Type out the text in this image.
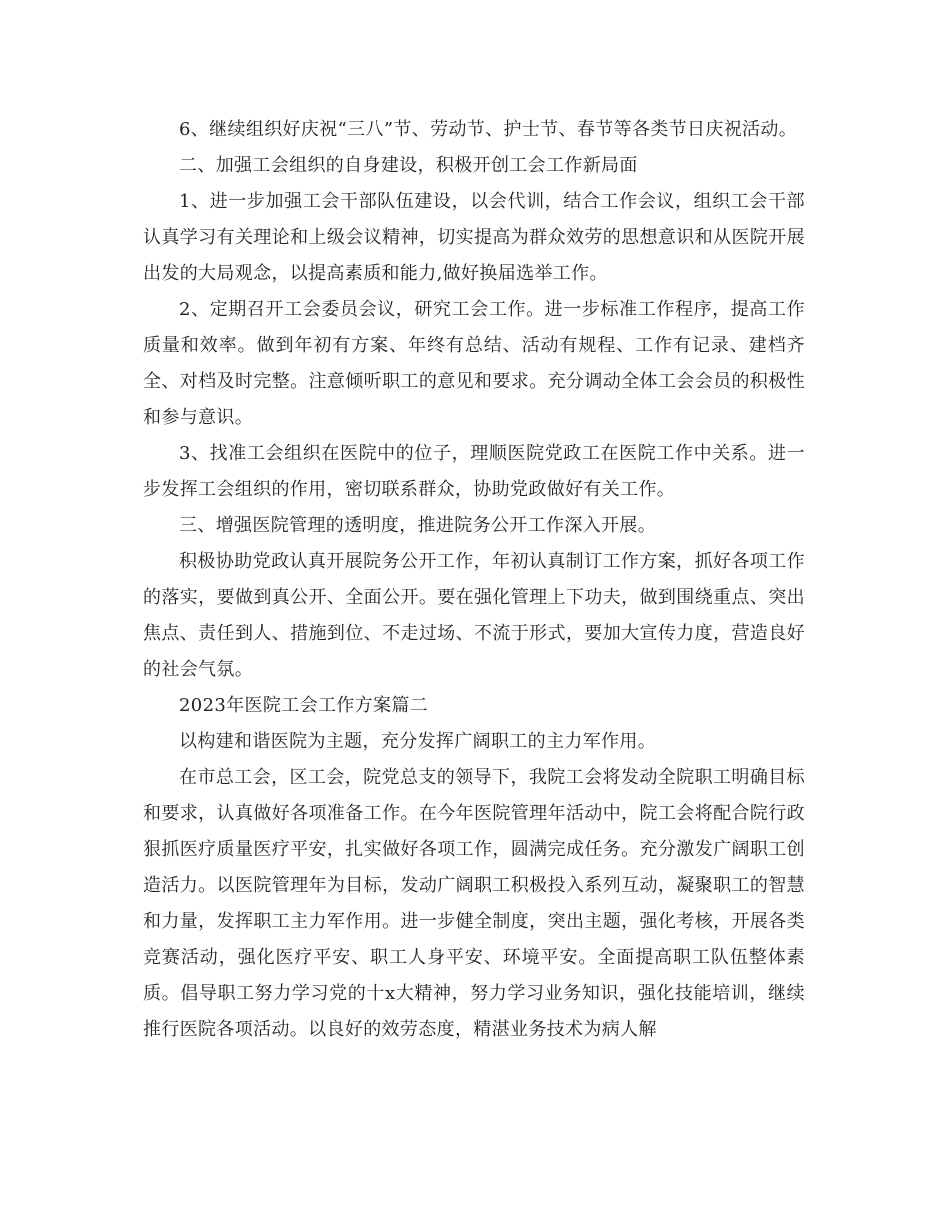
6、继续组织好庆祝“三八”节、劳动节、护士节、春节等各类节日庆祝活动。

二、加强工会组织的自身建设，积极开创工会工作新局面

1、进一步加强工会干部队伍建设，以会代训，结合工作会议，组织工会干部认真学习有关理论和上级会议精神，切实提高为群众效劳的思想意识和从医院开展出发的大局观念，以提高素质和能力,做好换届选举工作。

2、定期召开工会委员会议，研究工会工作。进一步标准工作程序，提高工作质量和效率。做到年初有方案、年终有总结、活动有规程、工作有记录、建档齐全、对档及时完整。注意倾听职工的意见和要求。充分调动全体工会会员的积极性和参与意识。

3、找准工会组织在医院中的位子，理顺医院党政工在医院工作中关系。进一步发挥工会组织的作用，密切联系群众，协助党政做好有关工作。

三、增强医院管理的透明度，推进院务公开工作深入开展。

积极协助党政认真开展院务公开工作，年初认真制订工作方案，抓好各项工作的落实，要做到真公开、全面公开。要在强化管理上下功夫，做到围绕重点、突出焦点、责任到人、措施到位、不走过场、不流于形式，要加大宣传力度，营造良好的社会气氛。

2023年医院工会工作方案篇二

以构建和谐医院为主题，充分发挥广阔职工的主力军作用。

在市总工会，区工会，院党总支的领导下，我院工会将发动全院职工明确目标和要求，认真做好各项准备工作。在今年医院管理年活动中，院工会将配合院行政狠抓医疗质量医疗平安，扎实做好各项工作，圆满完成任务。充分激发广阔职工创造活力。以医院管理年为目标，发动广阔职工积极投入系列互动，凝聚职工的智慧和力量，发挥职工主力军作用。进一步健全制度，突出主题，强化考核，开展各类竞赛活动，强化医疗平安、职工人身平安、环境平安。全面提高职工队伍整体素质。倡导职工努力学习党的十x大精神，努力学习业务知识，强化技能培训，继续推行医院各项活动。以良好的效劳态度，精湛业务技术为病人解
